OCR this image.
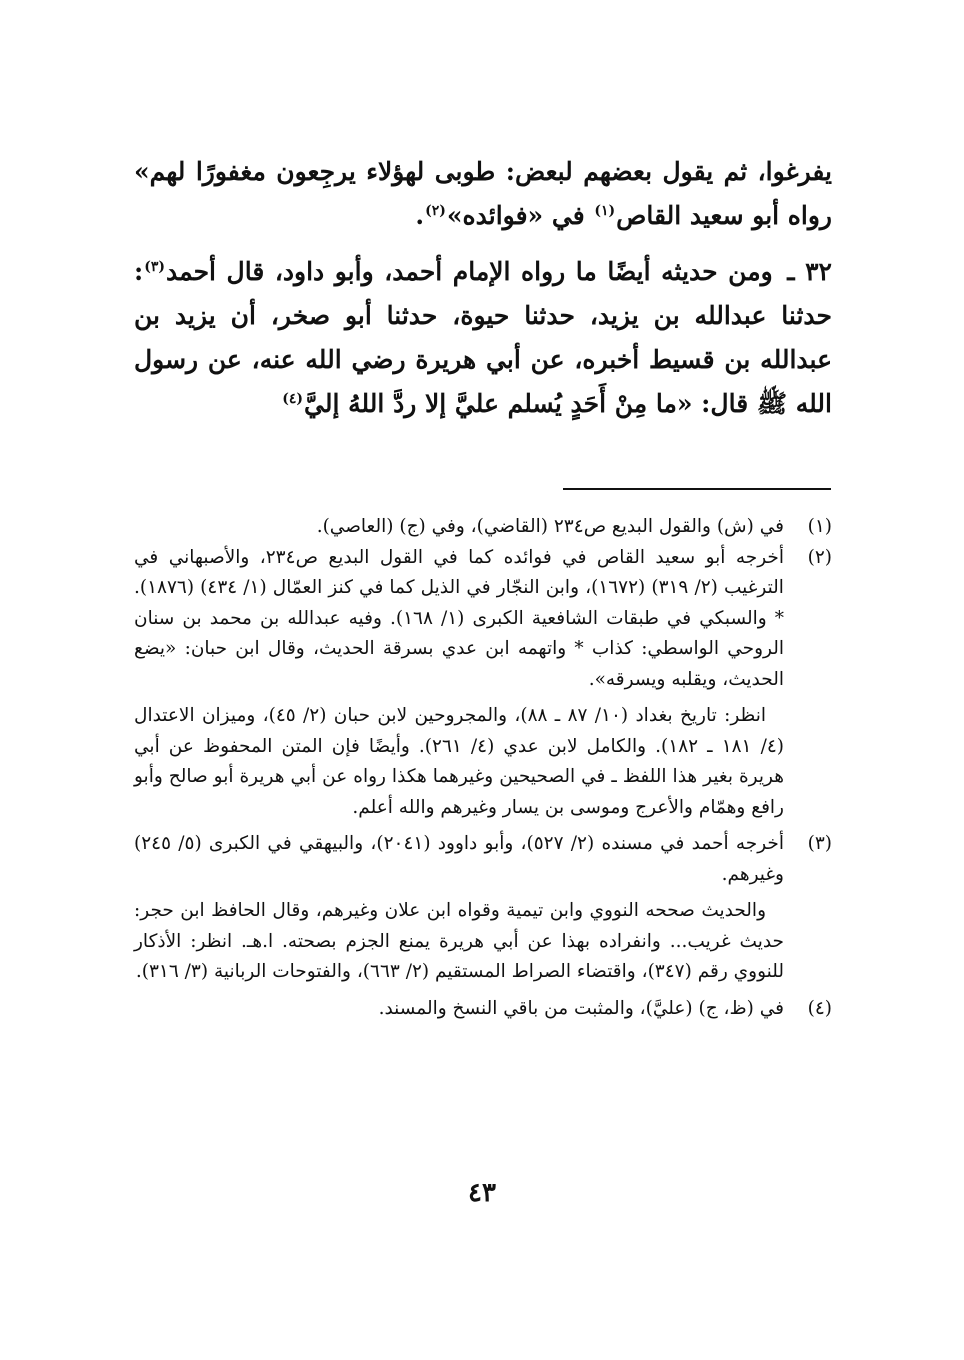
يفرغوا، ثم يقول بعضهم لبعض: طوبى لهؤلاء يرجِعون مغفورًا لهم» رواه أبو سعيد القاص$^{(١)}$ في «فوائده»$^{(٢)}$.

٣٢ ـ ومن حديثه أيضًا ما رواه الإمام أحمد، وأبو داود، قال أحمد$^{(٣)}$: حدثنا عبدالله بن يزيد، حدثنا حيوة، حدثنا أبو صخر، أن يزيد بن عبدالله بن قسيط أخبره، عن أبي هريرة رضي الله عنه، عن رسول الله ﷺ قال: «ما مِنْ أَحَدٍ يُسلم عليَّ إلا ردَّ اللهُ إليَّ$^{(٤)}$

(١)

في (ش) والقول البديع ص٢٣٤ (القاضي)، وفي (ج) (العاصي).

(٢)

أخرجه أبو سعيد القاص في فوائده كما في القول البديع ص٢٣٤، والأصبهاني في الترغيب (٢/ ٣١٩) (١٦٧٢)، وابن النجّار في الذيل كما في كنز العمّال (١/ ٤٣٤) (١٨٧٦). * والسبكي في طبقات الشافعية الكبرى (١/ ١٦٨). وفيه عبدالله بن محمد بن سنان الروحي الواسطي: كذاب * واتهمه ابن عدي بسرقة الحديث، وقال ابن حبان: «يضع الحديث، ويقلبه ويسرقه».

انظر: تاريخ بغداد (١٠/ ٨٧ ـ ٨٨)، والمجروحين لابن حبان (٢/ ٤٥)، وميزان الاعتدال (٤/ ١٨١ ـ ١٨٢). والكامل لابن عدي (٤/ ٢٦١). وأيضًا فإن المتن المحفوظ عن أبي هريرة بغير هذا اللفظ ـ في الصحيحين وغيرهما هكذا رواه عن أبي هريرة أبو صالح وأبو رافع وهمّام والأعرج وموسى بن يسار وغيرهم والله أعلم.

(٣)

أخرجه أحمد في مسنده (٢/ ٥٢٧)، وأبو داوود (٢٠٤١)، والبيهقي في الكبرى (٥/ ٢٤٥) وغيرهم.

والحديث صححه النووي وابن تيمية وقواه ابن علان وغيرهم، وقال الحافظ ابن حجر: حديث غريب... وانفراده بهذا عن أبي هريرة يمنع الجزم بصحته. ا.هـ. انظر: الأذكار للنووي رقم (٣٤٧)، واقتضاء الصراط المستقيم (٢/ ٦٦٣)، والفتوحات الربانية (٣/ ٣١٦).

(٤)

في (ظ، ج) (عليَّ)، والمثبت من باقي النسخ والمسند.

٤٣
